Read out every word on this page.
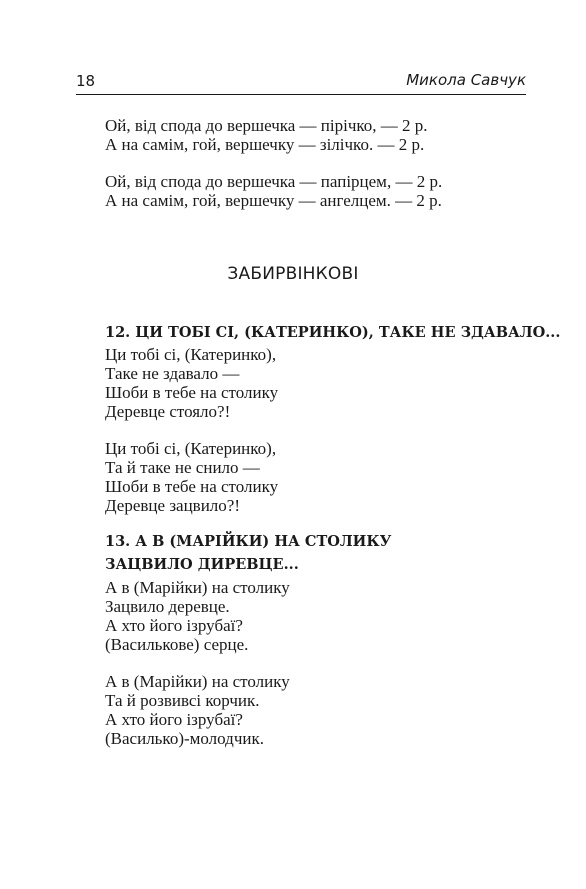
18	Микола Савчук
Ой, від спода до вершечка — пірічко, — 2 р.
А на самім, гой, вершечку — зілічко. — 2 р.
Ой, від спода до вершечка — папірцем, — 2 р.
А на самім, гой, вершечку — ангелцем. — 2 р.
ЗАБИРВІНКОВІ
12. ЦИ ТОБІ СІ, (КАТЕРИНКО), ТАКЕ НЕ ЗДАВАЛО...
Ци тобі сі, (Катеринко),
Таке не здавало —
Шоби в тебе на столику
Деревце стояло?!
Ци тобі сі, (Катеринко),
Та й таке не снило —
Шоби в тебе на столику
Деревце зацвило?!
13. А В (МАРІЙКИ) НА СТОЛИКУ
ЗАЦВИЛО ДИРЕВЦЕ...
А в (Марійки) на столику
Зацвило деревце.
А хто його ізрубаї?
(Василькове) серце.
А в (Марійки) на столику
Та й розвивсі корчик.
А хто його ізрубаї?
(Василько)-молодчик.
